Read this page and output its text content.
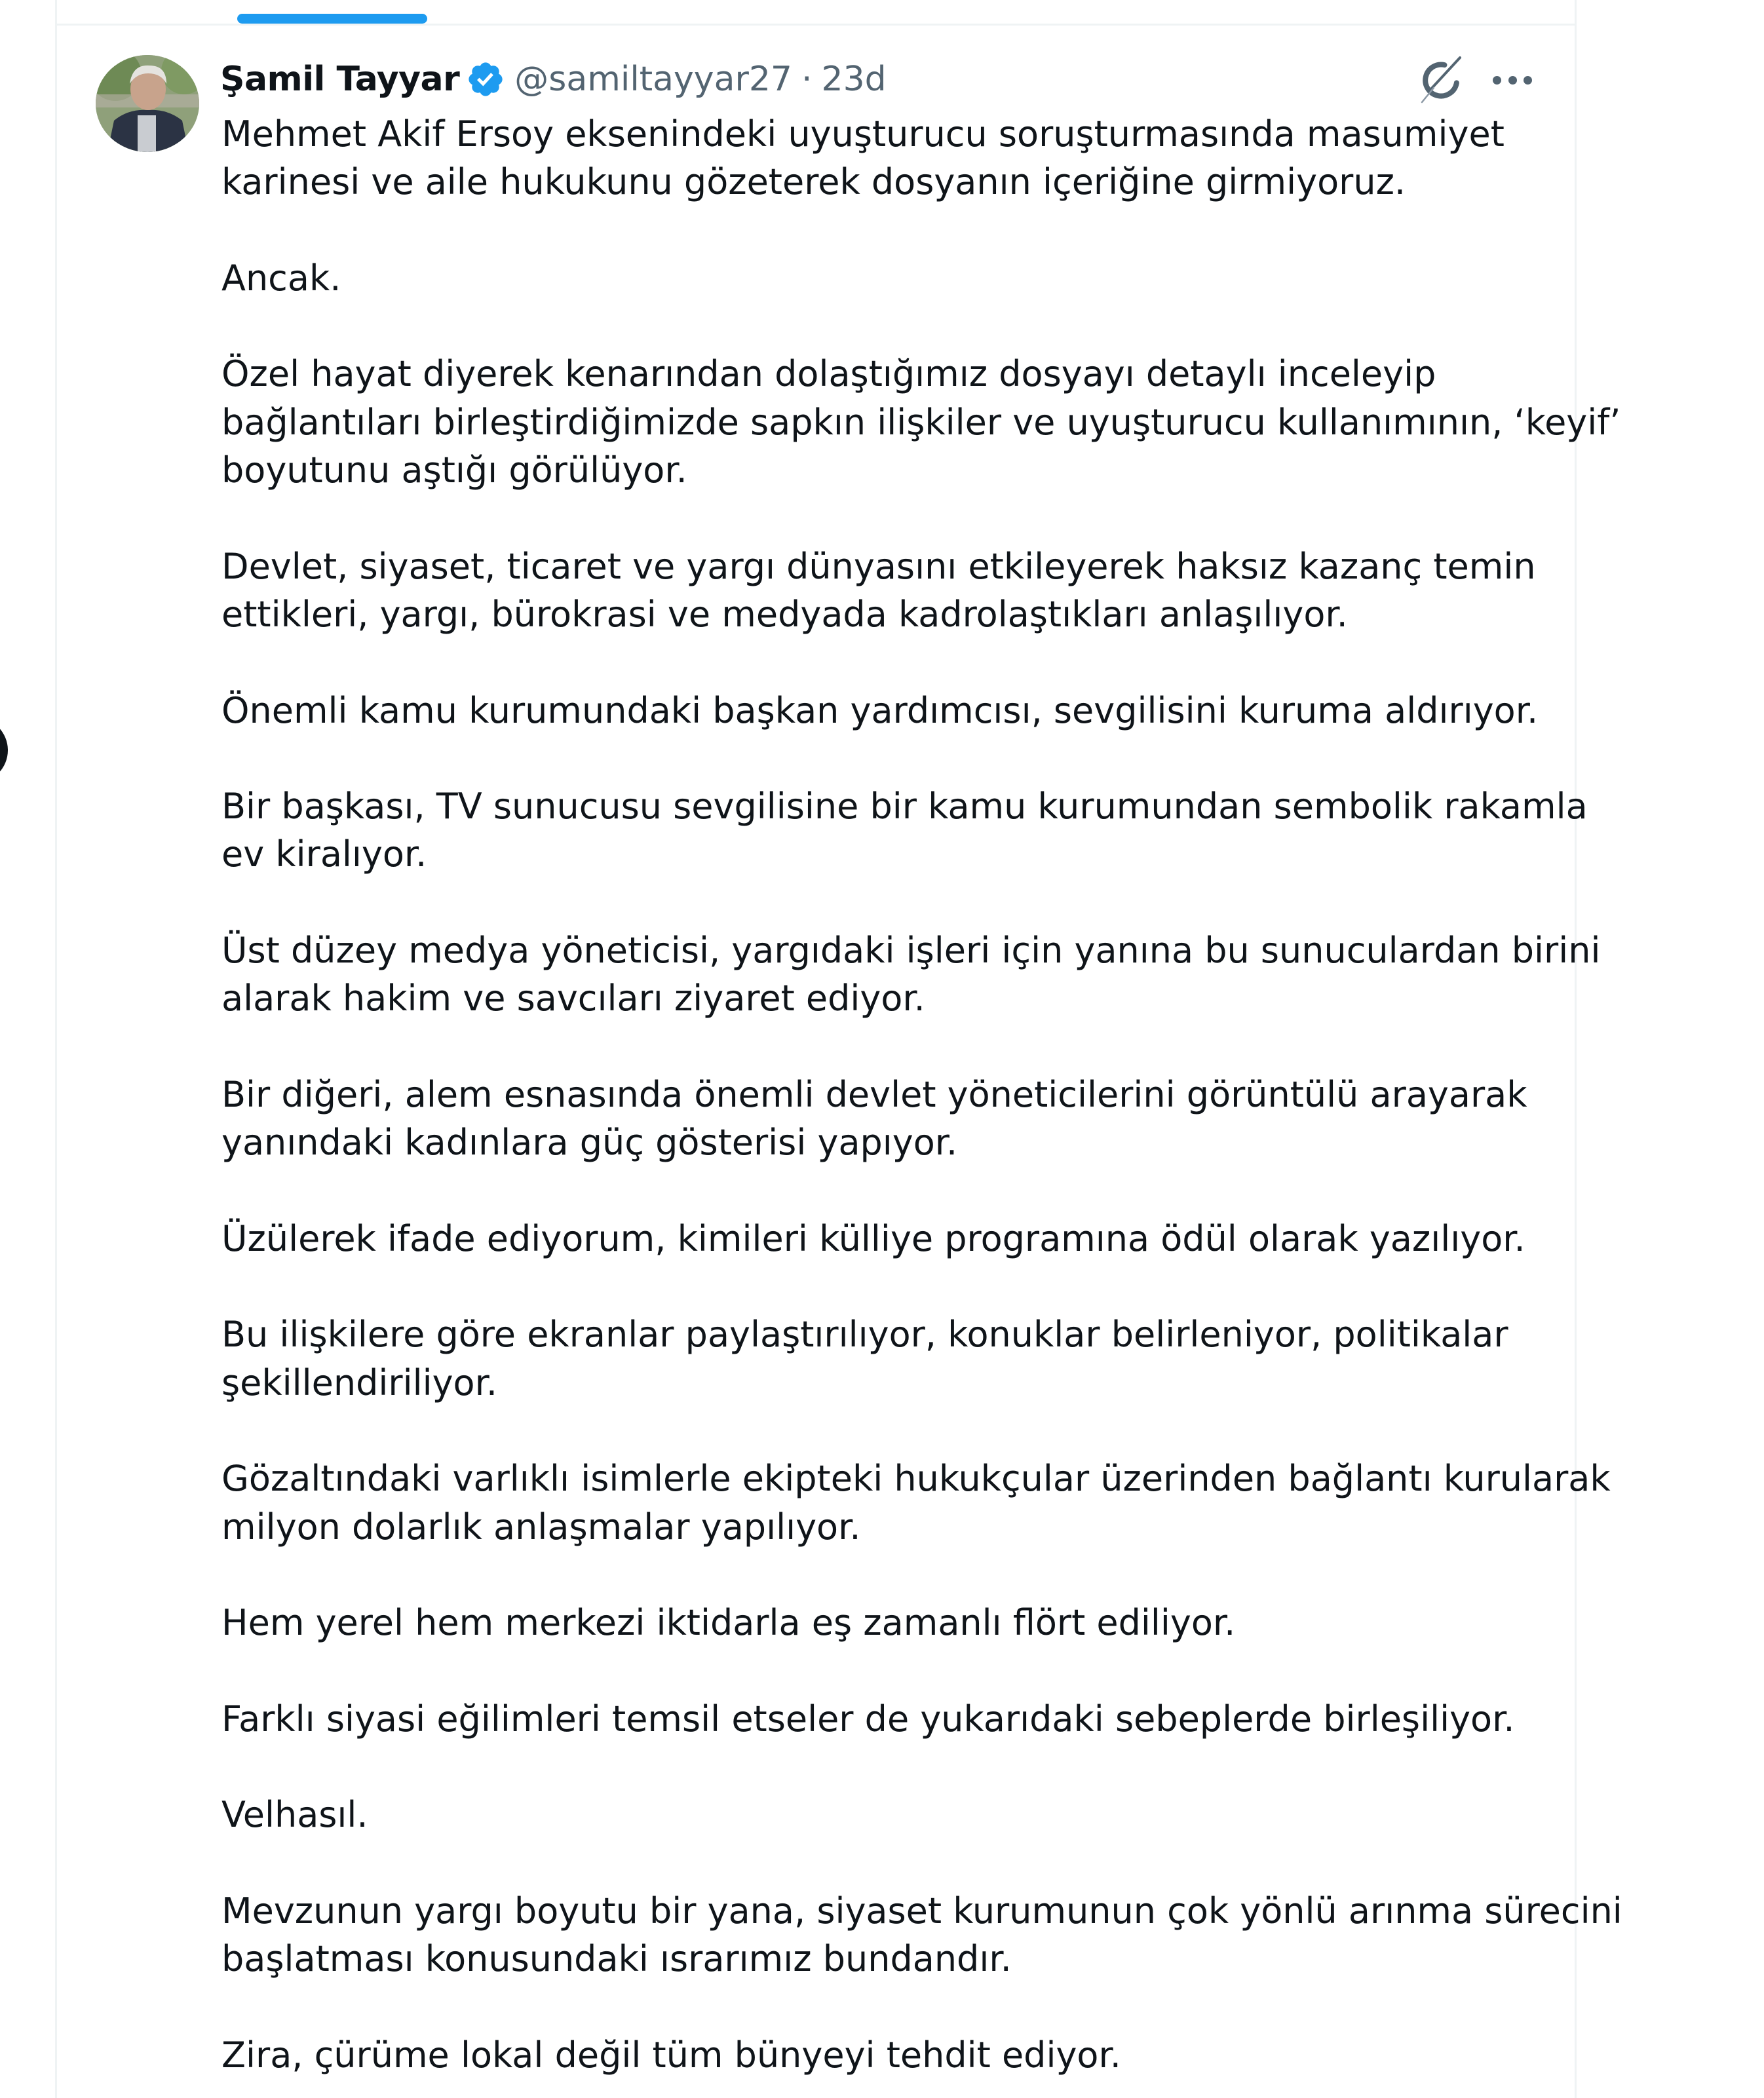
Şamil Tayyar @samiltayyar27 · 23d

Mehmet Akif Ersoy eksenindeki uyuşturucu soruşturmasında masumiyet
karinesi ve aile hukukunu gözeterek dosyanın içeriğine girmiyoruz.

Ancak.

Özel hayat diyerek kenarından dolaştığımız dosyayı detaylı inceleyip
bağlantıları birleştirdiğimizde sapkın ilişkiler ve uyuşturucu kullanımının, ‘keyif’
boyutunu aştığı görülüyor.

Devlet, siyaset, ticaret ve yargı dünyasını etkileyerek haksız kazanç temin
ettikleri, yargı, bürokrasi ve medyada kadrolaştıkları anlaşılıyor.

Önemli kamu kurumundaki başkan yardımcısı, sevgilisini kuruma aldırıyor.

Bir başkası, TV sunucusu sevgilisine bir kamu kurumundan sembolik rakamla
ev kiralıyor.

Üst düzey medya yöneticisi, yargıdaki işleri için yanına bu sunuculardan birini
alarak hakim ve savcıları ziyaret ediyor.

Bir diğeri, alem esnasında önemli devlet yöneticilerini görüntülü arayarak
yanındaki kadınlara güç gösterisi yapıyor.

Üzülerek ifade ediyorum, kimileri külliye programına ödül olarak yazılıyor.

Bu ilişkilere göre ekranlar paylaştırılıyor, konuklar belirleniyor, politikalar
şekillendiriliyor.

Gözaltındaki varlıklı isimlerle ekipteki hukukçular üzerinden bağlantı kurularak
milyon dolarlık anlaşmalar yapılıyor.

Hem yerel hem merkezi iktidarla eş zamanlı flört ediliyor.

Farklı siyasi eğilimleri temsil etseler de yukarıdaki sebeplerde birleşiliyor.

Velhasıl.

Mevzunun yargı boyutu bir yana, siyaset kurumunun çok yönlü arınma sürecini
başlatması konusundaki ısrarımız bundandır.

Zira, çürüme lokal değil tüm bünyeyi tehdit ediyor.
